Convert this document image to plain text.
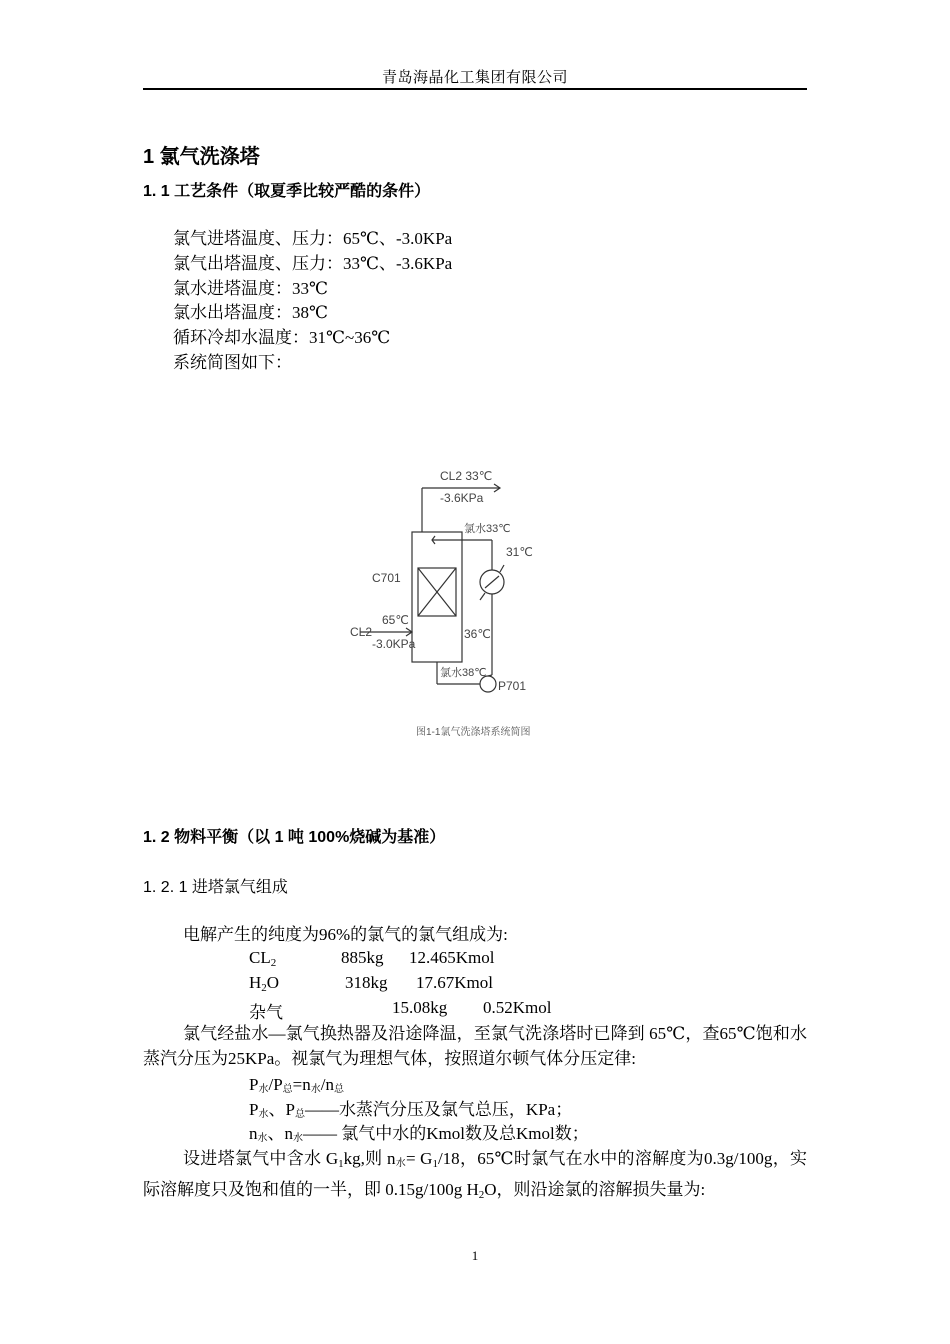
青岛海晶化工集团有限公司
1 氯气洗涤塔
1. 1 工艺条件（取夏季比较严酷的条件）
氯气进塔温度、压力：65℃、-3.0KPa
氯气出塔温度、压力：33℃、-3.6KPa
氯水进塔温度：33℃
氯水出塔温度：38℃
循环冷却水温度：31℃~36℃
系统简图如下：
CL2 33℃
-3.6KPa
氯水33℃
31℃
C701
65℃
CL2
-3.0KPa
36℃
氯水38℃
P701
图1-1氯气洗涤塔系统简图
1. 2 物料平衡（以 1 吨 100%烧碱为基准）
1. 2. 1 进塔氯气组成
电解产生的纯度为96%的氯气的氯气组成为:
$CL_2$	885kg 12.465Kmol
$H_2O$	318kg 17.67Kmol
杂气	15.08kg 0.52Kmol
氯气经盐水—氯气换热器及沿途降温，至氯气洗涤塔时已降到 65℃，查65℃饱和水蒸汽分压为25KPa。视氯气为理想气体，按照道尔顿气体分压定律:
P水/P总=n水/n总
P水、P总——水蒸汽分压及氯气总压，KPa；
n水、n水—— 氯气中水的Kmol数及总Kmol数；
设进塔氯气中含水 $G_1kg$,则 n水= $G_1/18$，65℃时氯气在水中的溶解度为0.3g/100g，实际溶解度只及饱和值的一半，即 0.15g/100g $H_2O$，则沿途氯的溶解损失量为:
1
